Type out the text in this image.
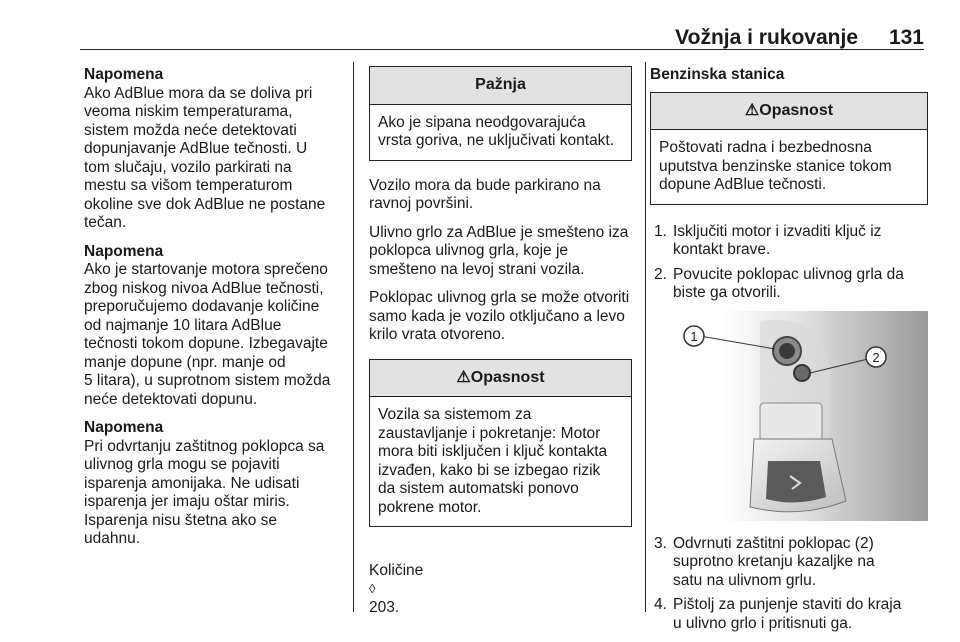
Vožnja i rukovanje 131

Napomena

Ako AdBlue mora da se doliva pri
veoma niskim temperaturama,
sistem možda neće detektovati
dopunjavanje AdBlue tečnosti. U
tom slučaju, vozilo parkirati na
mestu sa višom temperaturom
okoline sve dok AdBlue ne postane
tečan.

Napomena

Ako je startovanje motora sprečeno
zbog niskog nivoa AdBlue tečnosti,
preporučujemo dodavanje količine
od najmanje 10 litara AdBlue
tečnosti tokom dopune. Izbegavajte
manje dopune (npr. manje od
5 litara), u suprotnom sistem možda
neće detektovati dopunu.

Napomena

Pri odvrtanju zaštitnog poklopca sa
ulivnog grla mogu se pojaviti
isparenja amonijaka. Ne udisati
isparenja jer imaju oštar miris.
Isparenja nisu štetna ako se
udahnu.

Pažnja
Ako je sipana neodgovarajuća
vrsta goriva, ne uključivati kontakt.

Vozilo mora da bude parkirano na
ravnoj površini.

Ulivno grlo za AdBlue je smešteno iza
poklopca ulivnog grla, koje je
smešteno na levoj strani vozila.

Poklopac ulivnog grla se može otvoriti
samo kada je vozilo otključano a levo
krilo vrata otvoreno.

⚠Opasnost
Vozila sa sistemom za
zaustavljanje i pokretanje: Motor
mora biti isključen i ključ kontakta
izvađen, kako bi se izbegao rizik
da sistem automatski ponovo
pokrene motor.

Količine
◊
203.

Benzinska stanica

⚠Opasnost
Poštovati radna i bezbednosna
uputstva benzinske stanice tokom
dopune AdBlue tečnosti.
1. Isključiti motor i izvaditi ključ iz
kontakt brave.
2. Povucite poklopac ulivnog grla da
biste ga otvorili.
1
2
3. Odvrnuti zaštitni poklopac (2)
suprotno kretanju kazaljke na
satu na ulivnom grlu.
4. Pištolj za punjenje staviti do kraja
u ulivno grlo i pritisnuti ga.
